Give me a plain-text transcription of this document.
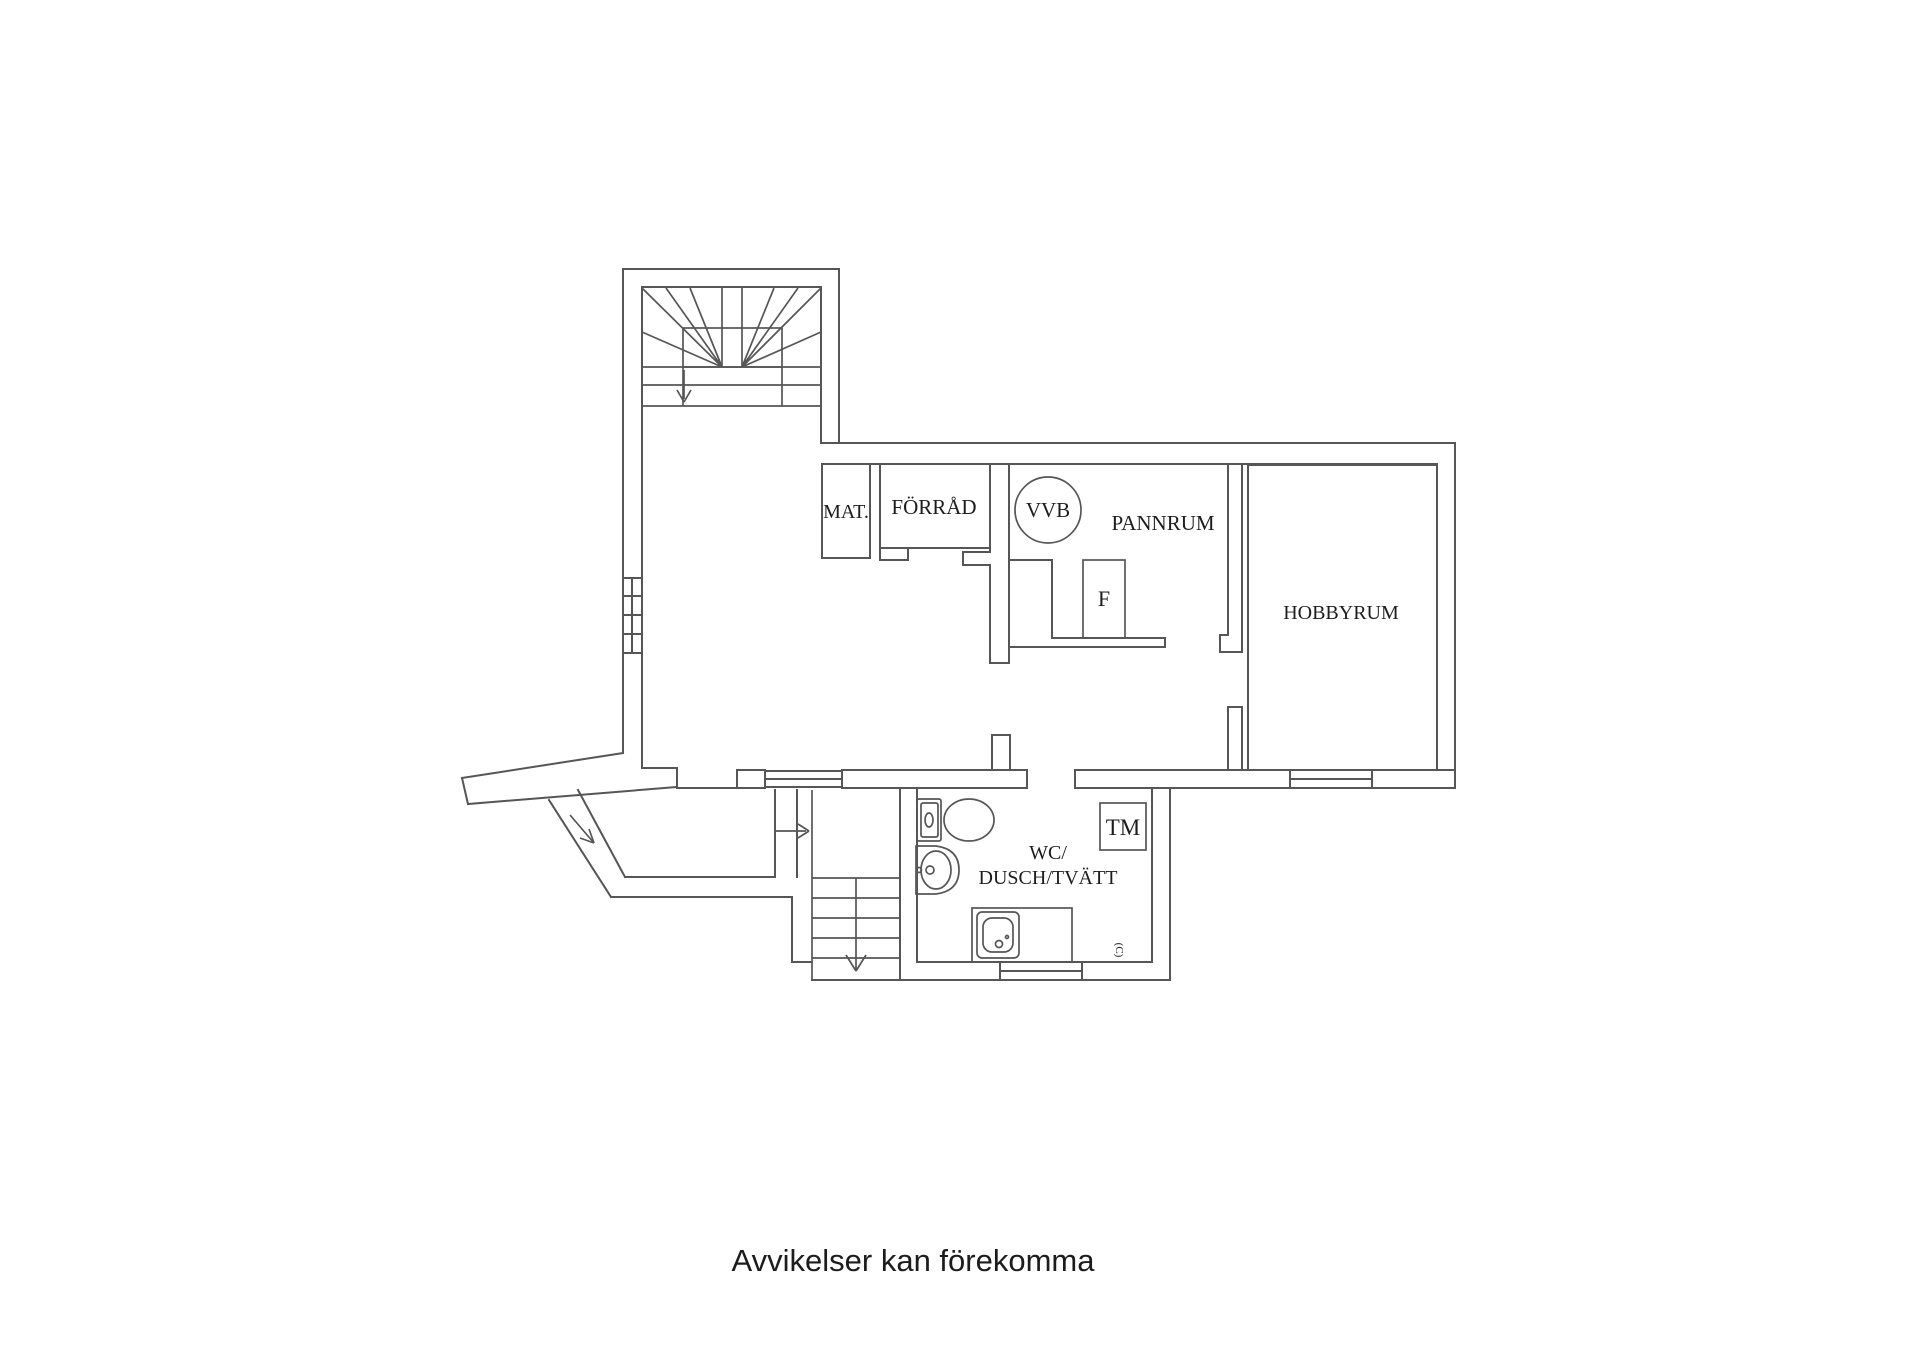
MAT. FÖRRÅD VVB
PANNRUM
F
HOBBYRUM
TM
WC/
DUSCH/TVÄTT
(C)
Avvikelser kan förekomma
